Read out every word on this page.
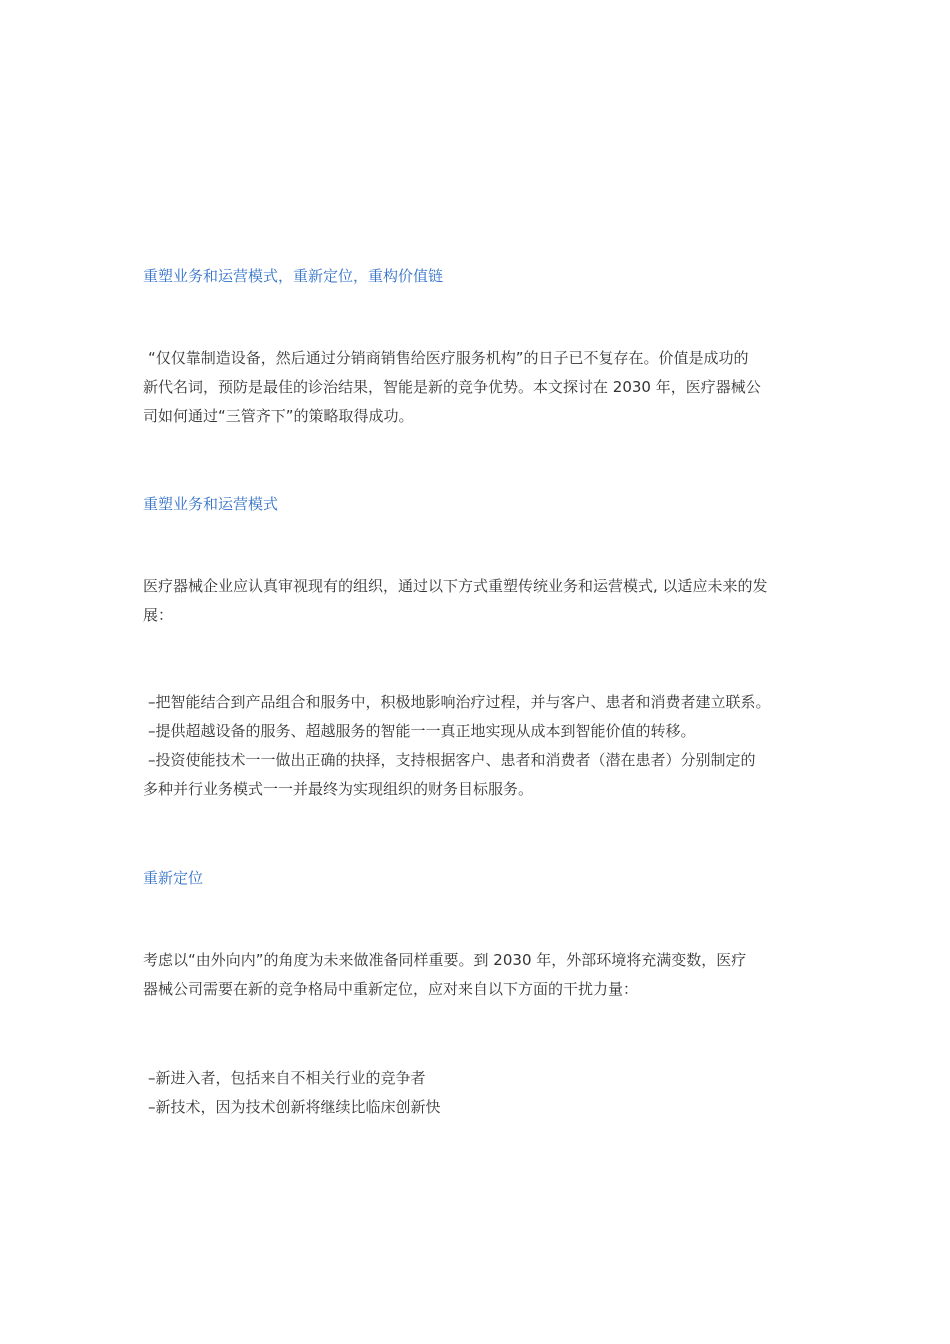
重塑业务和运营模式，重新定位，重构价值链
“仅仅靠制造设备，然后通过分销商销售给医疗服务机构”的日子已不复存在。价值是成功的
新代名词，预防是最佳的诊治结果，智能是新的竞争优势。本文探讨在 2030 年，医疗器械公
司如何通过“三管齐下”的策略取得成功。
重塑业务和运营模式
医疗器械企业应认真审视现有的组织，通过以下方式重塑传统业务和运营模式, 以适应未来的发
展：
–把智能结合到产品组合和服务中，积极地影响治疗过程，并与客户、患者和消费者建立联系。
–提供超越设备的服务、超越服务的智能一一真正地实现从成本到智能价值的转移。
–投资使能技术一一做出正确的抉择，支持根据客户、患者和消费者（潜在患者）分别制定的
多种并行业务模式一一并最终为实现组织的财务目标服务。
重新定位
考虑以“由外向内”的角度为未来做准备同样重要。到 2030 年，外部环境将充满变数，医疗
器械公司需要在新的竞争格局中重新定位，应对来自以下方面的干扰力量：
–新进入者，包括来自不相关行业的竞争者
–新技术，因为技术创新将继续比临床创新快
